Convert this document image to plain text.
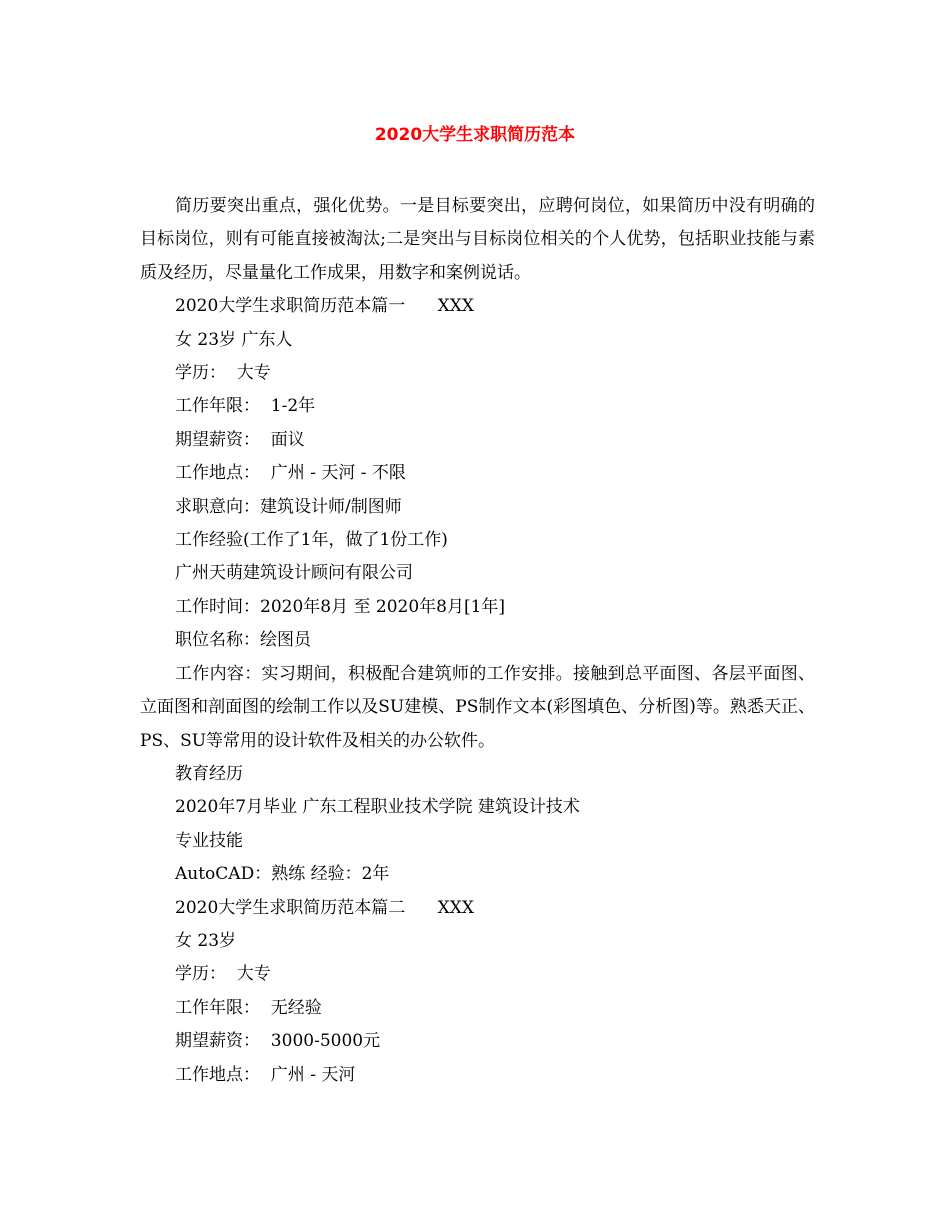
2020大学生求职简历范本

简历要突出重点，强化优势。一是目标要突出，应聘何岗位，如果简历中没有明确的目标岗位，则有可能直接被淘汰;二是突出与目标岗位相关的个人优势，包括职业技能与素质及经历，尽量量化工作成果，用数字和案例说话。

2020大学生求职简历范本篇一      XXX

女 23岁 广东人

学历：  大专

工作年限：  1-2年

期望薪资：  面议

工作地点：  广州 - 天河 - 不限

求职意向：建筑设计师/制图师

工作经验(工作了1年，做了1份工作)

广州天萌建筑设计顾问有限公司

工作时间：2020年8月 至 2020年8月[1年]

职位名称：绘图员

工作内容：实习期间，积极配合建筑师的工作安排。接触到总平面图、各层平面图、立面图和剖面图的绘制工作以及SU建模、PS制作文本(彩图填色、分析图)等。熟悉天正、PS、SU等常用的设计软件及相关的办公软件。

教育经历

2020年7月毕业 广东工程职业技术学院 建筑设计技术

专业技能

AutoCAD：熟练 经验：2年

2020大学生求职简历范本篇二      XXX

女 23岁

学历：  大专

工作年限：  无经验

期望薪资：  3000-5000元

工作地点：  广州 - 天河
